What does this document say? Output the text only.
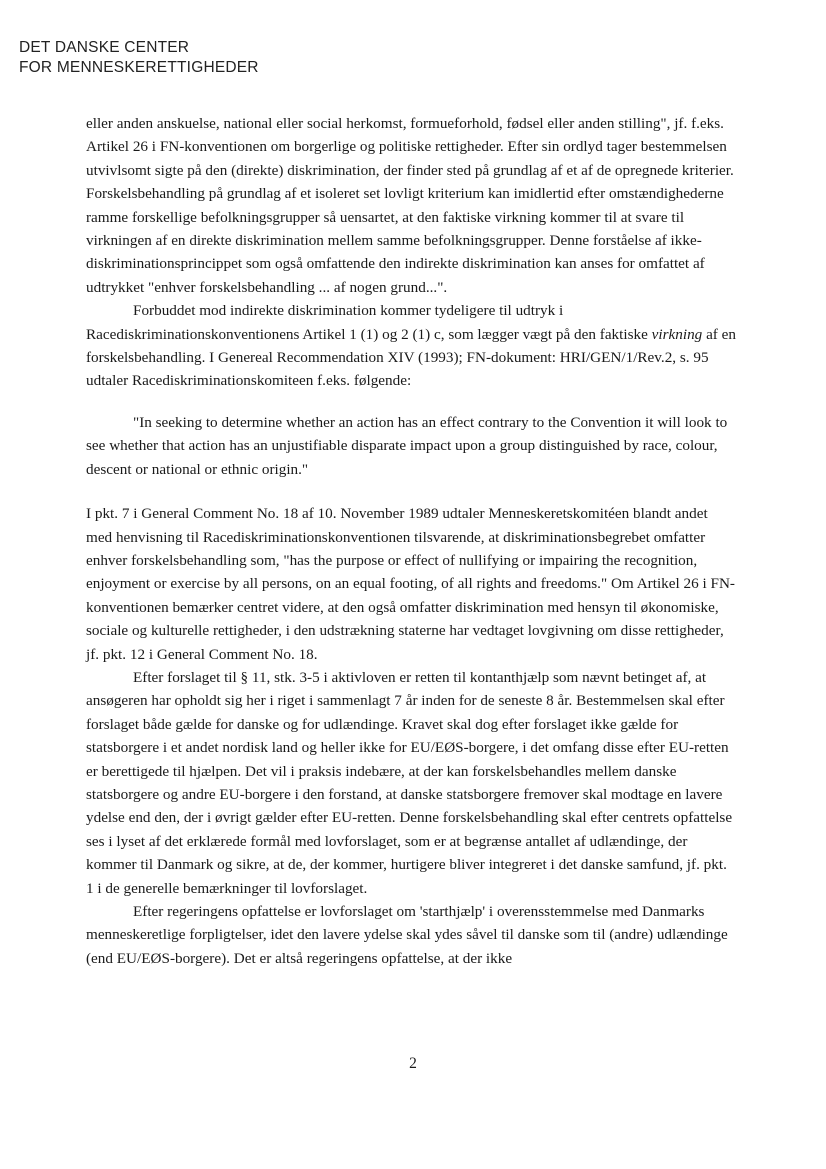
DET DANSKE CENTER
FOR MENNESKERETTIGHEDER

eller anden anskuelse, national eller social herkomst, formueforhold, fødsel eller anden stilling", jf. f.eks. Artikel 26 i FN-konventionen om borgerlige og politiske rettigheder. Efter sin ordlyd tager bestemmelsen utvivlsomt sigte på den (direkte) diskrimination, der finder sted på grundlag af et af de opregnede kriterier. Forskelsbehandling på grundlag af et isoleret set lovligt kriterium kan imidlertid efter omstændighederne ramme forskellige befolkningsgrupper så uensartet, at den faktiske virkning kommer til at svare til virkningen af en direkte diskrimination mellem samme befolkningsgrupper. Denne forståelse af ikke-diskriminationsprincippet som også omfattende den indirekte diskrimination kan anses for omfattet af udtrykket "enhver forskelsbehandling ... af nogen grund...".

Forbuddet mod indirekte diskrimination kommer tydeligere til udtryk i Racediskriminationskonventionens Artikel 1 (1) og 2 (1) c, som lægger vægt på den faktiske virkning af en forskelsbehandling. I Genereal Recommendation XIV (1993); FN-dokument: HRI/GEN/1/Rev.2, s. 95 udtaler Racediskriminationskomiteen f.eks. følgende:

"In seeking to determine whether an action has an effect contrary to the Convention it will look to see whether that action has an unjustifiable disparate impact upon a group distinguished by race, colour, descent or national or ethnic origin."

I pkt. 7 i General Comment No. 18 af 10. November 1989 udtaler Menneskeretskomitéen blandt andet med henvisning til Racediskriminationskonventionen tilsvarende, at diskriminationsbegrebet omfatter enhver forskelsbehandling som, "has the purpose or effect of nullifying or impairing the recognition, enjoyment or exercise by all persons, on an equal footing, of all rights and freedoms." Om Artikel 26 i FN-konventionen bemærker centret videre, at den også omfatter diskrimination med hensyn til økonomiske, sociale og kulturelle rettigheder, i den udstrækning staterne har vedtaget lovgivning om disse rettigheder, jf. pkt. 12 i General Comment No. 18.

Efter forslaget til § 11, stk. 3-5 i aktivloven er retten til kontanthjælp som nævnt betinget af, at ansøgeren har opholdt sig her i riget i sammenlagt 7 år inden for de seneste 8 år. Bestemmelsen skal efter forslaget både gælde for danske og for udlændinge. Kravet skal dog efter forslaget ikke gælde for statsborgere i et andet nordisk land og heller ikke for EU/EØS-borgere, i det omfang disse efter EU-retten er berettigede til hjælpen. Det vil i praksis indebære, at der kan forskelsbehandles mellem danske statsborgere og andre EU-borgere i den forstand, at danske statsborgere fremover skal modtage en lavere ydelse end den, der i øvrigt gælder efter EU-retten. Denne forskelsbehandling skal efter centrets opfattelse ses i lyset af det erklærede formål med lovforslaget, som er at begrænse antallet af udlændinge, der kommer til Danmark og sikre, at de, der kommer, hurtigere bliver integreret i det danske samfund, jf. pkt. 1 i de generelle bemærkninger til lovforslaget.

Efter regeringens opfattelse er lovforslaget om 'starthjælp' i overensstemmelse med Danmarks menneskeretlige forpligtelser, idet den lavere ydelse skal ydes såvel til danske som til (andre) udlændinge (end EU/EØS-borgere). Det er altså regeringens opfattelse, at der ikke

2
